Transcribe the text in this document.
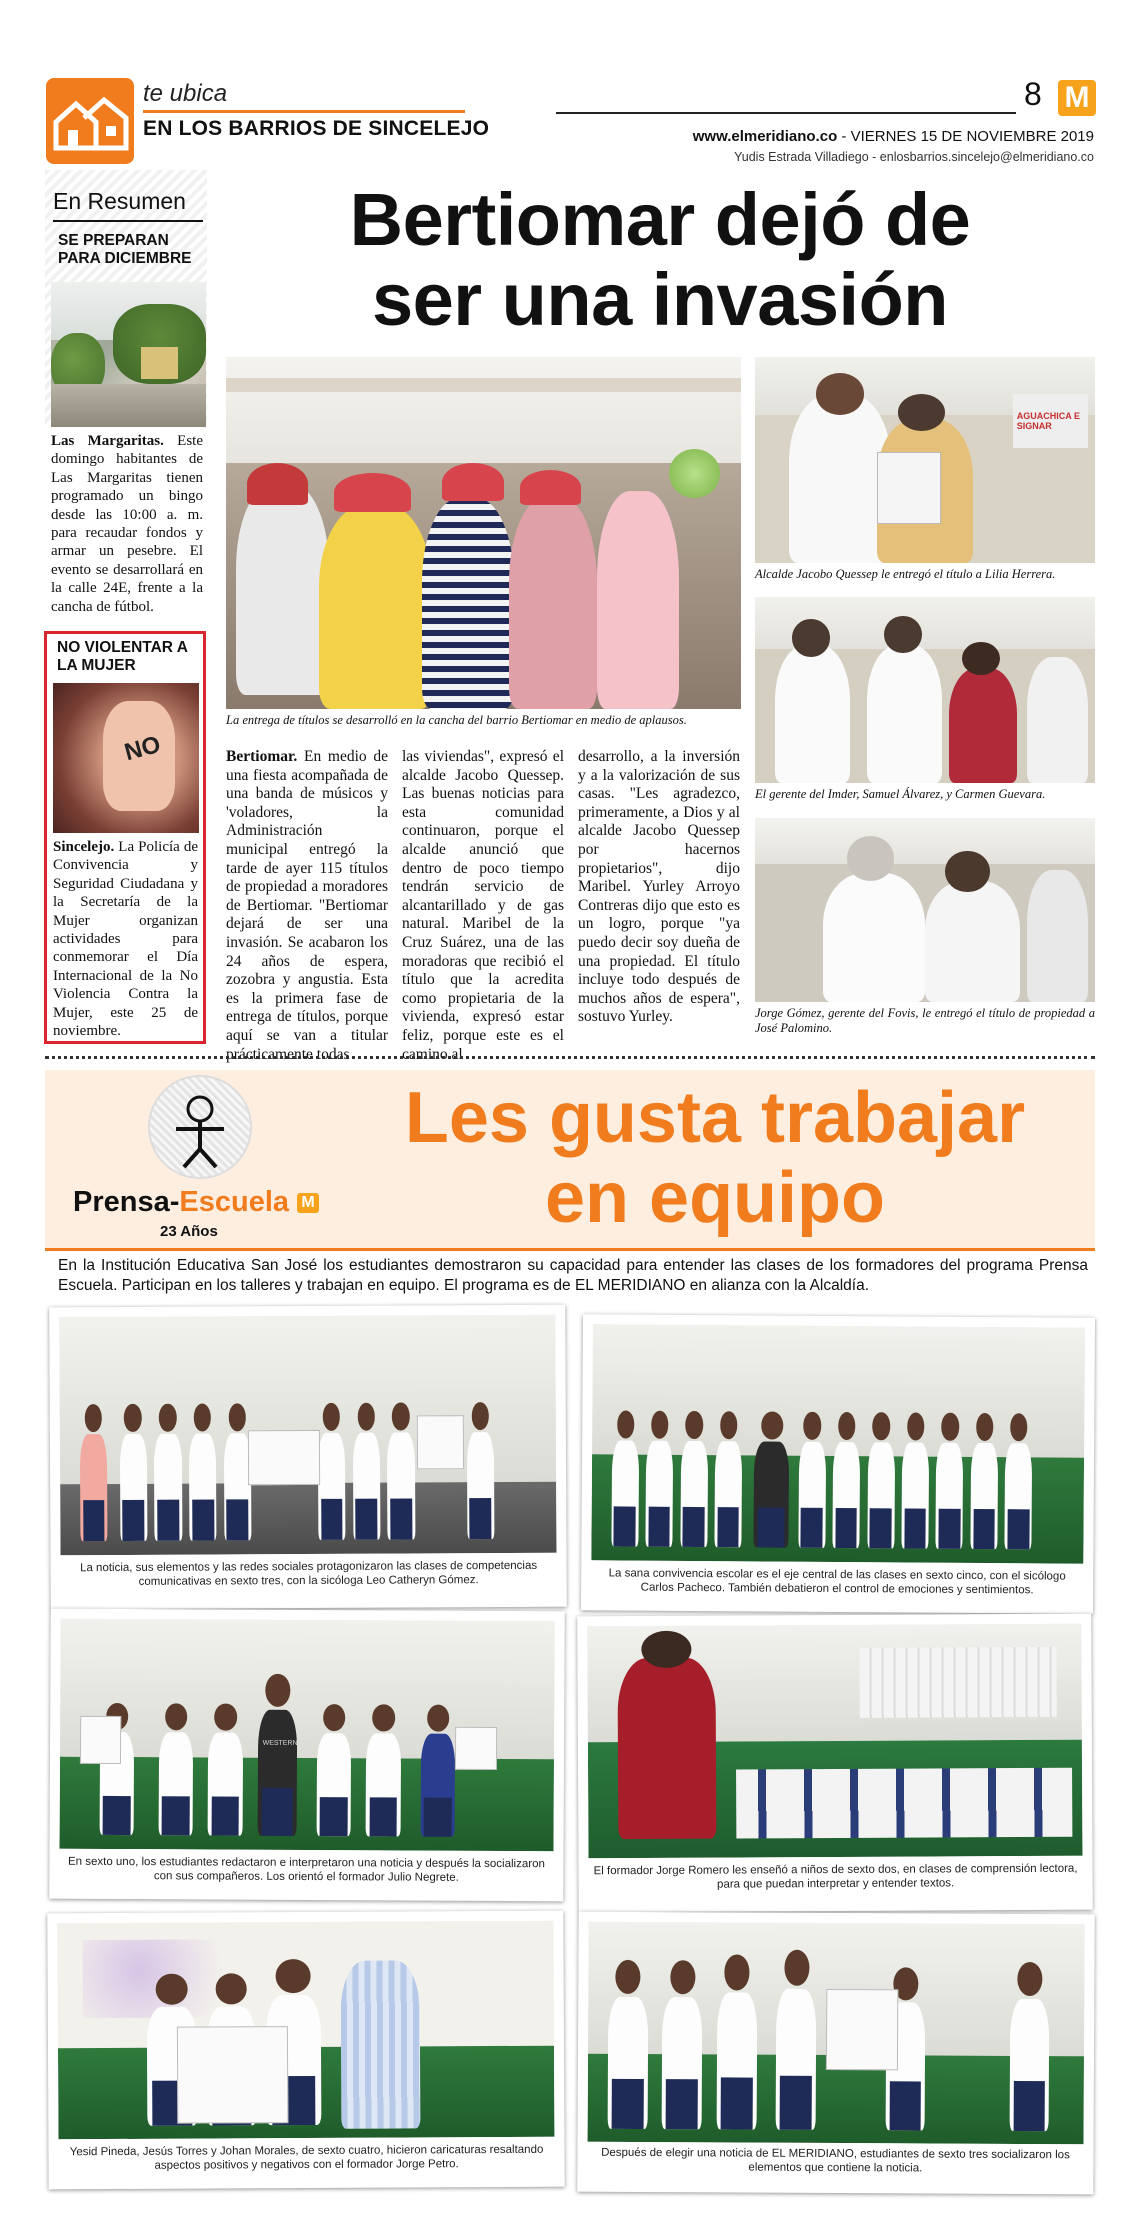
te ubica
EN LOS BARRIOS DE SINCELEJO
8 M
www.elmeridiano.co - VIERNES 15 DE NOVIEMBRE 2019
Yudis Estrada Villadiego - enlosbarrios.sincelejo@elmeridiano.co
En Resumen
SE PREPARAN PARA DICIEMBRE

Las Margaritas. Este domingo habitantes de Las Margaritas tienen programado un bingo desde las 10:00 a. m. para recaudar fondos y armar un pesebre. El evento se desarrollará en la calle 24E, frente a la cancha de fútbol.

NO VIOLENTAR A LA MUJER
NO

Sincelejo. La Policía de Convivencia y Seguridad Ciudadana y la Secretaría de la Mujer organizan actividades para conmemorar el Día Internacional de la No Violencia Contra la Mujer, este 25 de noviembre.

Bertiomar dejó de
ser una invasión
La entrega de títulos se desarrolló en la cancha del barrio Bertiomar en medio de aplausos.
AGUACHICA E SIGNAR
Alcalde Jacobo Quessep le entregó el título a Lilia Herrera.
El gerente del Imder, Samuel Álvarez, y Carmen Guevara.
Jorge Gómez, gerente del Fovis, le entregó el título de propiedad a José Palomino.

Bertiomar. En medio de una fiesta acompañada de una banda de músicos y 'voladores, la Administración municipal entregó la tarde de ayer 115 títulos de propiedad a moradores de Bertiomar. "Bertiomar dejará de ser una invasión. Se acabaron los 24 años de espera, zozobra y angustia. Esta es la primera fase de entrega de títulos, porque aquí se van a titular prácticamente todas

las viviendas", expresó el alcalde Jacobo Quessep. Las buenas noticias para esta comunidad continuaron, porque el alcalde anunció que dentro de poco tiempo tendrán servicio de alcantarillado y de gas natural. Maribel de la Cruz Suárez, una de las moradoras que recibió el título que la acredita como propietaria de la vivienda, expresó estar feliz, porque este es el camino al

desarrollo, a la inversión y a la valorización de sus casas. "Les agradezco, primeramente, a Dios y al alcalde Jacobo Quessep por hacernos propietarios", dijo Maribel. Yurley Arroyo Contreras dijo que esto es un logro, porque "ya puedo decir soy dueña de una propiedad. El título incluye todo después de muchos años de espera", sostuvo Yurley.

Prensa-Escuela M
23 Años
Les gusta trabajar
en equipo
En la Institución Educativa San José los estudiantes demostraron su capacidad para entender las clases de los formadores del programa Prensa Escuela. Participan en los talleres y trabajan en equipo. El programa es de EL MERIDIANO en alianza con la Alcaldía.
La noticia, sus elementos y las redes sociales protagonizaron las clases de competencias comunicativas en sexto tres, con la sicóloga Leo Catheryn Gómez.	La sana convivencia escolar es el eje central de las clases en sexto cinco, con el sicólogo Carlos Pacheco. También debatieron el control de emociones y sentimientos.
WESTERN
En sexto uno, los estudiantes redactaron e interpretaron una noticia y después la socializaron con sus compañeros. Los orientó el formador Julio Negrete.	El formador Jorge Romero les enseñó a niños de sexto dos, en clases de comprensión lectora, para que puedan interpretar y entender textos.
Yesid Pineda, Jesús Torres y Johan Morales, de sexto cuatro, hicieron caricaturas resaltando aspectos positivos y negativos con el formador Jorge Petro.
Después de elegir una noticia de EL MERIDIANO, estudiantes de sexto tres socializaron los elementos que contiene la noticia.
